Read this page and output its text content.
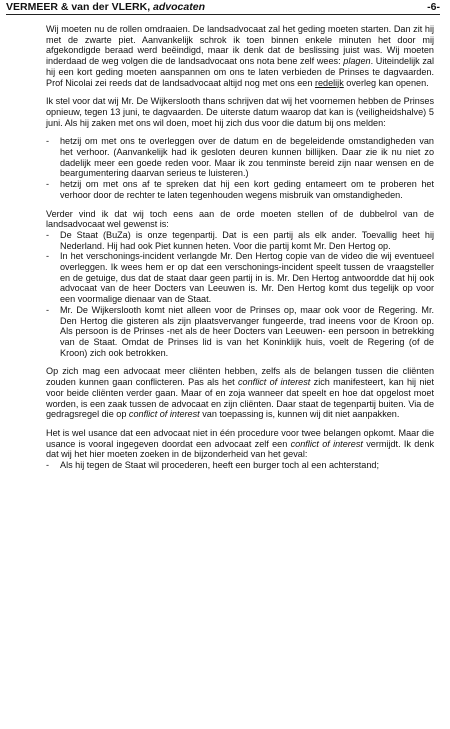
VERMEER & van der VLERK, advocaten	-6-

Wij moeten nu de rollen omdraaien. De landsadvocaat zal het geding moeten starten. Dan zit hij met de zwarte piet. Aanvankelijk schrok ik toen binnen enkele minuten het door mij afgekondigde beraad werd beëindigd, maar ik denk dat de beslissing juist was. Wij moeten inderdaad de weg volgen die de landsadvocaat ons nota bene zelf wees: plagen. Uiteindelijk zal hij een kort geding moeten aanspannen om ons te laten verbieden de Prinses te dagvaarden. Prof Nicolai zei reeds dat de landsadvocaat altijd nog met ons een redelijk overleg kan openen.

Ik stel voor dat wij Mr. De Wijkerslooth thans schrijven dat wij het voornemen hebben de Prinses opnieuw, tegen 13 juni, te dagvaarden. De uiterste datum waarop dat kan is (veiligheidshalve) 5 juni. Als hij zaken met ons wil doen, moet hij zich dus voor die datum bij ons melden:

- hetzij om met ons te overleggen over de datum en de begeleidende omstandigheden van het verhoor. (Aanvankelijk had ik gesloten deuren kunnen billijken. Daar zie ik nu niet zo dadelijk meer een goede reden voor. Maar ik zou tenminste bereid zijn naar wensen en de beargumentering daarvan serieus te luisteren.)
- hetzij om met ons af te spreken dat hij een kort geding entameert om te proberen het verhoor door de rechter te laten tegenhouden wegens misbruik van omstandigheden.

Verder vind ik dat wij toch eens aan de orde moeten stellen of de dubbelrol van de landsadvocaat wel gewenst is:

- De Staat (BuZa) is onze tegenpartij. Dat is een partij als elk ander. Toevallig heet hij Nederland. Hij had ook Piet kunnen heten. Voor die partij komt Mr. Den Hertog op.
- In het verschonings-incident verlangde Mr. Den Hertog copie van de video die wij eventueel overleggen. Ik wees hem er op dat een verschonings-incident speelt tussen de vraagsteller en de getuige, dus dat de staat daar geen partij in is. Mr. Den Hertog antwoordde dat hij ook advocaat van de heer Docters van Leeuwen is. Mr. Den Hertog komt dus tegelijk op voor een voormalige dienaar van de Staat.
- Mr. De Wijkerslooth komt niet alleen voor de Prinses op, maar ook voor de Regering. Mr. Den Hertog die gisteren als zijn plaatsvervanger fungeerde, trad ineens voor de Kroon op. Als persoon is de Prinses -net als de heer Docters van Leeuwen- een persoon in betrekking van de Staat. Omdat de Prinses lid is van het Koninklijk huis, voelt de Regering (of de Kroon) zich ook betrokken.

Op zich mag een advocaat meer cliënten hebben, zelfs als de belangen tussen die cliënten zouden kunnen gaan conflicteren. Pas als het conflict of interest zich manifesteert, kan hij niet voor beide cliënten verder gaan. Maar of en zoja wanneer dat speelt en hoe dat opgelost moet worden, is een zaak tussen de advocaat en zijn cliënten. Daar staat de tegenpartij buiten. Via de gedragsregel die op conflict of interest van toepassing is, kunnen wij dit niet aanpakken.

Het is wel usance dat een advocaat niet in één procedure voor twee belangen opkomt. Maar die usance is vooral ingegeven doordat een advocaat zelf een conflict of interest vermijdt. Ik denk dat wij het hier moeten zoeken in de bijzonderheid van het geval:

- Als hij tegen de Staat wil procederen, heeft een burger toch al een achterstand;
